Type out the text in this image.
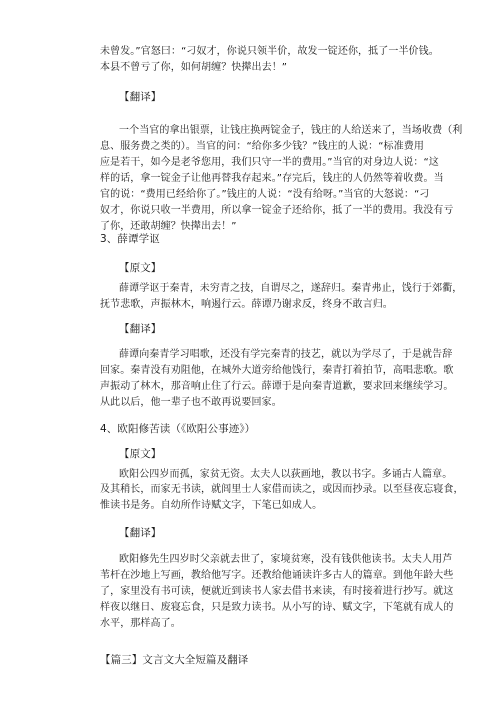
未曾发。”官怒曰：“刁奴才，你说只领半价，故发一锭还你，抵了一半价钱。
本县不曾亏了你，如何胡缠？快撵出去！”
【翻译】
一个当官的拿出银票，让钱庄换两锭金子，钱庄的人给送来了，当场收费（利
息、服务费之类的）。当官的问：“给你多少钱？”钱庄的人说：“标准费用
应是若干，如今是老爷您用，我们只守一半的费用。”当官的对身边人说：“这
样的话，拿一锭金子让他再替我存起来。”存完后，钱庄的人仍然等着收费。当
官的说：“费用已经给你了。”钱庄的人说：“没有给呀。”当官的大怒说：“刁
奴才，你说只收一半费用，所以拿一锭金子还给你，抵了一半的费用。我没有亏
了你，还敢胡缠？快撵出去！”
3、薛谭学讴
【原文】
薛谭学讴于秦青，未穷青之技，自谓尽之，遂辞归。秦青弗止，饯行于郊衢，
抚节悲歌，声振林木，响遏行云。薛谭乃谢求反，终身不敢言归。
【翻译】
薛谭向秦青学习唱歌，还没有学完秦青的技艺，就以为学尽了，于是就告辞
回家。秦青没有劝阻他，在城外大道旁给他饯行，秦青打着拍节，高唱悲歌。歌
声振动了林木，那音响止住了行云。薛谭于是向秦青道歉，要求回来继续学习。
从此以后，他一辈子也不敢再说要回家。
4、欧阳修苦读（《欧阳公事迹》）
【原文】
欧阳公四岁而孤，家贫无资。太夫人以荻画地，教以书字。多诵古人篇章。
及其稍长，而家无书读，就闾里士人家借而读之，或因而抄录。以至昼夜忘寝食，
惟读书是务。自幼所作诗赋文字，下笔已如成人。
【翻译】
欧阳修先生四岁时父亲就去世了，家境贫寒，没有钱供他读书。太夫人用芦
苇杆在沙地上写画，教给他写字。还教给他诵读许多古人的篇章。到他年龄大些
了，家里没有书可读，便就近到读书人家去借书来读，有时接着进行抄写。就这
样夜以继日、废寝忘食，只是致力读书。从小写的诗、赋文字，下笔就有成人的
水平，那样高了。
【篇三】文言文大全短篇及翻译
